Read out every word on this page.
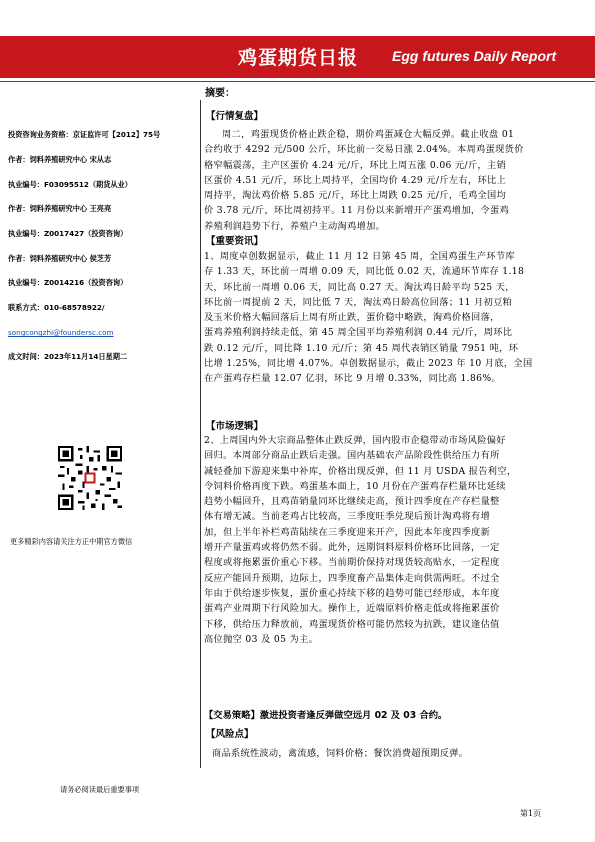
鸡蛋期货日报 Egg futures Daily Report
投资咨询业务资格：京证监许可【2012】75号
作者：饲料养殖研究中心 宋从志
执业编号：F03095512（期货从业）
作者：饲料养殖研究中心 王亮亮
执业编号：Z0017427（投资咨询）
作者：饲料养殖研究中心 侯芝芳
执业编号：Z0014216（投资咨询）
联系方式：010-68578922/
songcongzhi@foundersc.com
成文时间：2023年11月14日星期二
更多精彩内容请关注方正中期官方微信
请务必阅读最后重要事项
摘要：
【行情复盘】
周二，鸡蛋现货价格止跌企稳，期价鸡蛋减仓大幅反弹。截止收盘 01
合约收于 4292 元/500 公斤，环比前一交易日涨 2.04%。本周鸡蛋现货价
格窄幅震荡，主产区蛋价 4.24 元/斤，环比上周五涨 0.06 元/斤，主销
区蛋价 4.51 元/斤，环比上周持平，全国均价 4.29 元/斤左右，环比上
周持平，淘汰鸡价格 5.85 元/斤，环比上周跌 0.25 元/斤，毛鸡全国均
价 3.78 元/斤，环比周初持平。11 月份以来新增开产蛋鸡增加，令蛋鸡
养殖利润趋势下行，养殖户主动淘鸡增加。
【重要资讯】
1、周度卓创数据显示，截止 11 月 12 日第 45 周，全国鸡蛋生产环节库
存 1.33 天，环比前一周增 0.09 天，同比低 0.02 天，流通环节库存 1.18
天，环比前一周增 0.06 天，同比高 0.27 天。淘汰鸡日龄平均 525 天，
环比前一周提前 2 天，同比低 7 天，淘汰鸡日龄高位回落；11 月初豆粕
及玉米价格大幅回落后上周有所止跌，蛋价稳中略跌，淘鸡价格回落，
蛋鸡养殖利润持续走低，第 45 周全国平均养殖利润 0.44 元/斤，周环比
跌 0.12 元/斤，同比降 1.10 元/斤；第 45 周代表销区销量 7951 吨，环
比增 1.25%，同比增 4.07%。卓创数据显示，截止 2023 年 10 月底，全国
在产蛋鸡存栏量 12.07 亿羽，环比 9 月增 0.33%，同比高 1.86%。
【市场逻辑】
2、上周国内外大宗商品整体止跌反弹，国内股市企稳带动市场风险偏好
回归。本周部分商品止跌后走强。国内基础农产品阶段性供给压力有所
减轻叠加下游迎来集中补库，价格出现反弹，但 11 月 USDA 报告利空，
令饲料价格再度下跌。鸡蛋基本面上，10 月份在产蛋鸡存栏量环比延续
趋势小幅回升，且鸡苗销量同环比继续走高，预计四季度在产存栏量整
体有增无减。当前老鸡占比较高，三季度旺季兑现后预计淘鸡将有增
加，但上半年补栏鸡苗陆续在三季度迎来开产，因此本年度四季度新
增开产量蛋鸡或将仍然不弱。此外，远期饲料原料价格环比回落，一定
程度或将拖累蛋价重心下移。当前期价保持对现货较高贴水，一定程度
反应产能回升预期，边际上，四季度畜产品集体走向供需两旺。不过全
年由于供给逐步恢复，蛋价重心持续下移的趋势可能已经形成，本年度
蛋鸡产业周期下行风险加大。操作上，近端原料价格走低或将拖累蛋价
下移，供给压力释放前，鸡蛋现货价格可能仍然较为抗跌，建议逢估值
高位抛空 03 及 05 为主。
【交易策略】激进投资者逢反弹做空远月 02 及 03 合约。
【风险点】
商品系统性波动，禽流感，饲料价格；餐饮消费超预期反弹。
第1页
